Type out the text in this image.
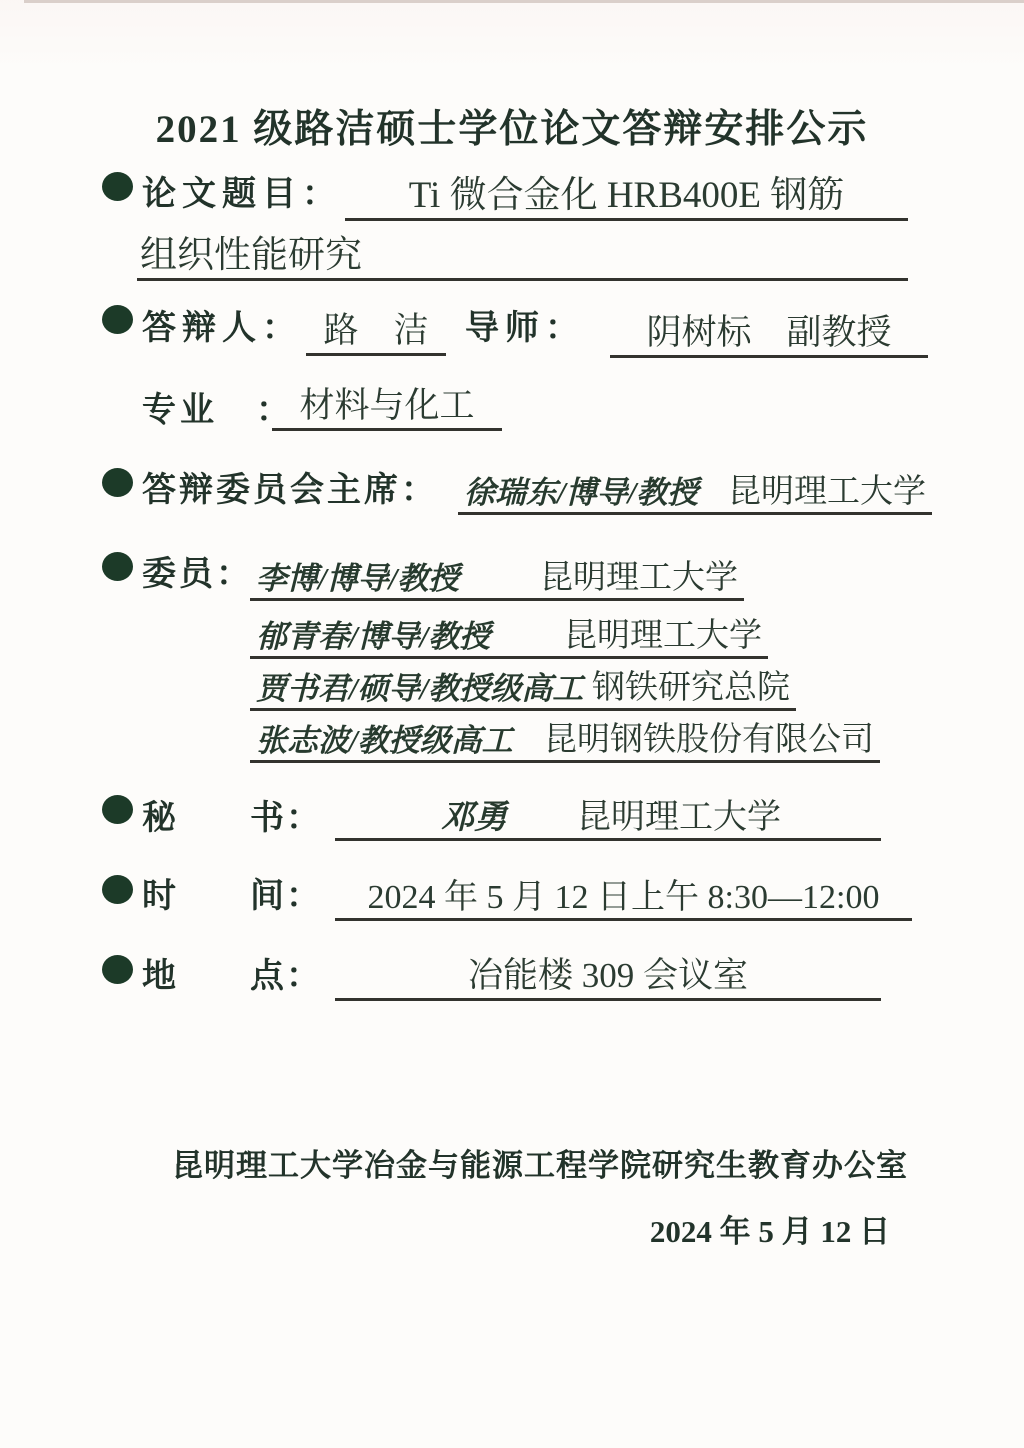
2021 级路洁硕士学位论文答辩安排公示
论文题目：	Ti 微合金化 HRB400E 钢筋
组织性能研究
答辩人： 路　洁	导师：	阴树标　副教授
专业　： 材料与化工
答辩委员会主席： 徐瑞东/博导/教授 昆明理工大学
委员： 李博/博导/教授 昆明理工大学
郁青春/博导/教授 昆明理工大学
贾书君/硕导/教授级高工 钢铁研究总院
张志波/教授级高工 昆明钢铁股份有限公司
秘　　书：	邓勇 昆明理工大学
时　　间：	2024 年 5 月 12 日上午 8:30—12:00
地　　点：	冶能楼 309 会议室
昆明理工大学冶金与能源工程学院研究生教育办公室
2024 年 5 月 12 日
